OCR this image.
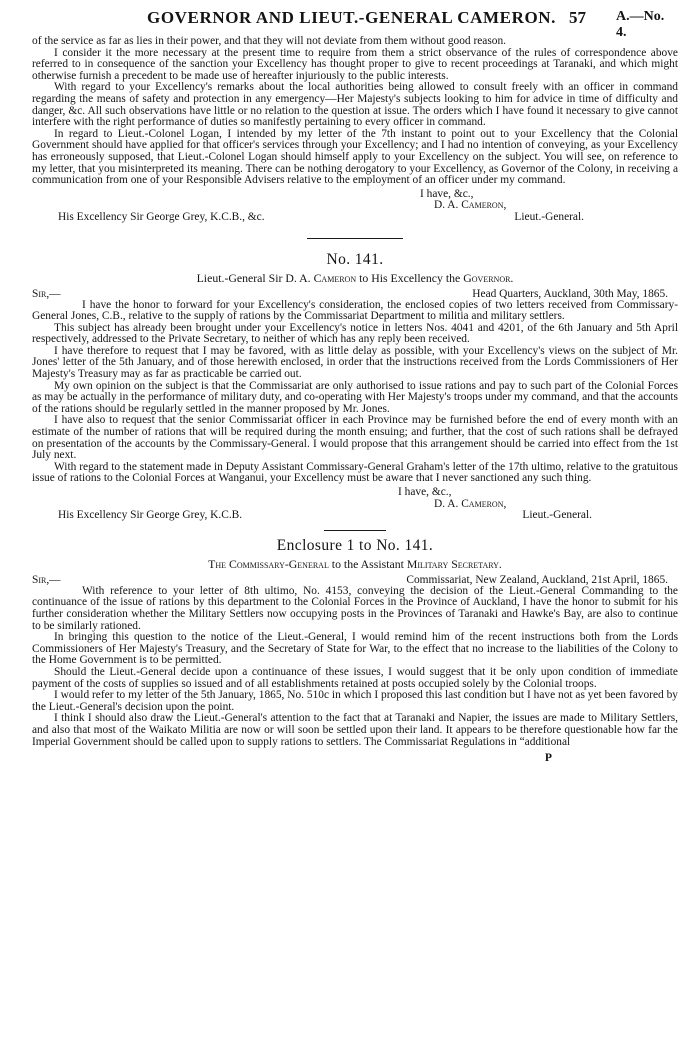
GOVERNOR AND LIEUT.-GENERAL CAMERON. 57 A.—No. 4.

of the service as far as lies in their power, and that they will not deviate from them without good reason.

I consider it the more necessary at the present time to require from them a strict observance of the rules of correspondence above referred to in consequence of the sanction your Excellency has thought proper to give to recent proceedings at Taranaki, and which might otherwise furnish a precedent to be made use of hereafter injuriously to the public interests.

With regard to your Excellency's remarks about the local authorities being allowed to consult freely with an officer in command regarding the means of safety and protection in any emergency—Her Majesty's subjects looking to him for advice in time of difficulty and danger, &c. All such observations have little or no relation to the question at issue. The orders which I have found it necessary to give cannot interfere with the right performance of duties so manifestly pertaining to every officer in command.

In regard to Lieut.-Colonel Logan, I intended by my letter of the 7th instant to point out to your Excellency that the Colonial Government should have applied for that officer's services through your Excellency; and I had no intention of conveying, as your Excellency has erroneously supposed, that Lieut.-Colonel Logan should himself apply to your Excellency on the subject. You will see, on reference to my letter, that you misinterpreted its meaning. There can be nothing derogatory to your Excellency, as Governor of the Colony, in receiving a communication from one of your Responsible Advisers relative to the employment of an officer under my command.

I have, &c.,
D. A. Cameron,
His Excellency Sir George Grey, K.C.B., &c.	Lieut.-General.
No. 141.
Lieut.-General Sir D. A. Cameron to His Excellency the Governor.
Sir,—	Head Quarters, Auckland, 30th May, 1865.

I have the honor to forward for your Excellency's consideration, the enclosed copies of two letters received from Commissary-General Jones, C.B., relative to the supply of rations by the Commissariat Department to militia and military settlers.

This subject has already been brought under your Excellency's notice in letters Nos. 4041 and 4201, of the 6th January and 5th April respectively, addressed to the Private Secretary, to neither of which has any reply been received.

I have therefore to request that I may be favored, with as little delay as possible, with your Excellency's views on the subject of Mr. Jones' letter of the 5th January, and of those herewith enclosed, in order that the instructions received from the Lords Commissioners of Her Majesty's Treasury may as far as practicable be carried out.

My own opinion on the subject is that the Commissariat are only authorised to issue rations and pay to such part of the Colonial Forces as may be actually in the performance of military duty, and co-operating with Her Majesty's troops under my command, and that the accounts of the rations should be regularly settled in the manner proposed by Mr. Jones.

I have also to request that the senior Commissariat officer in each Province may be furnished before the end of every month with an estimate of the number of rations that will be required during the month ensuing; and further, that the cost of such rations shall be defrayed on presentation of the accounts by the Commissary-General. I would propose that this arrangement should be carried into effect from the 1st July next.

With regard to the statement made in Deputy Assistant Commissary-General Graham's letter of the 17th ultimo, relative to the gratuitous issue of rations to the Colonial Forces at Wanganui, your Excellency must be aware that I never sanctioned any such thing.

I have, &c.,
D. A. Cameron,
His Excellency Sir George Grey, K.C.B.	Lieut.-General.
Enclosure 1 to No. 141.
The Commissary-General to the Assistant Military Secretary.
Sir,—	Commissariat, New Zealand, Auckland, 21st April, 1865.

With reference to your letter of 8th ultimo, No. 4153, conveying the decision of the Lieut.-General Commanding to the continuance of the issue of rations by this department to the Colonial Forces in the Province of Auckland, I have the honor to submit for his further consideration whether the Military Settlers now occupying posts in the Provinces of Taranaki and Hawke's Bay, are also to continue to be similarly rationed.

In bringing this question to the notice of the Lieut.-General, I would remind him of the recent instructions both from the Lords Commissioners of Her Majesty's Treasury, and the Secretary of State for War, to the effect that no increase to the liabilities of the Colony to the Home Government is to be permitted.

Should the Lieut.-General decide upon a continuance of these issues, I would suggest that it be only upon condition of immediate payment of the costs of supplies so issued and of all establishments retained at posts occupied solely by the Colonial troops.

I would refer to my letter of the 5th January, 1865, No. 510c in which I proposed this last condition but I have not as yet been favored by the Lieut.-General's decision upon the point.

I think I should also draw the Lieut.-General's attention to the fact that at Taranaki and Napier, the issues are made to Military Settlers, and also that most of the Waikato Militia are now or will soon be settled upon their land. It appears to be therefore questionable how far the Imperial Government should be called upon to supply rations to settlers. The Commissariat Regulations in “additional

P
